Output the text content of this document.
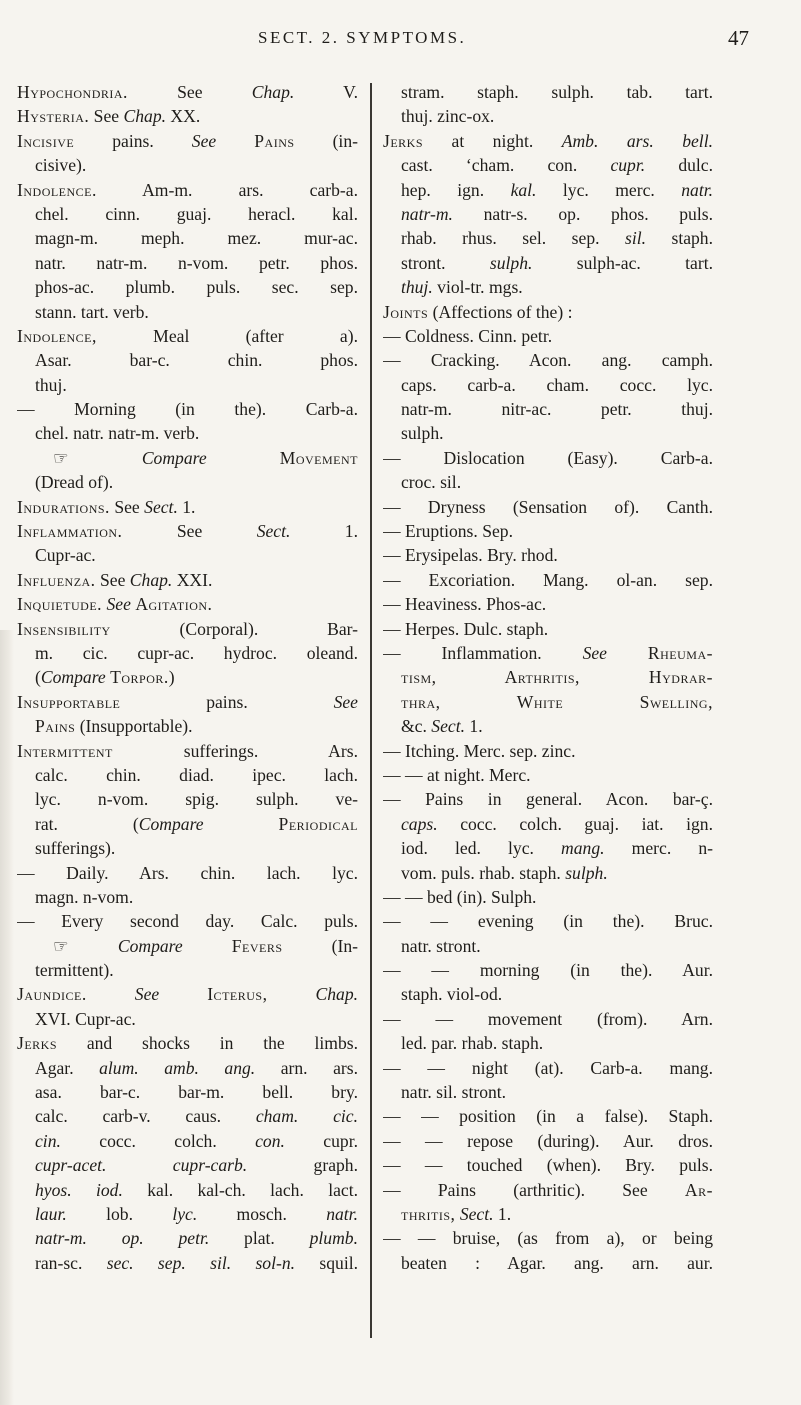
SECT. 2. SYMPTOMS.	47
Hypochondria. See Chap. V.
Hysteria. See Chap. XX.
Incisive pains. See Pains (in-
cisive).
Indolence. Am-m. ars. carb-a.
chel. cinn. guaj. heracl. kal.
magn-m. meph. mez. mur-ac.
natr. natr-m. n-vom. petr. phos.
phos-ac. plumb. puls. sec. sep.
stann. tart. verb.
Indolence, Meal (after a).
Asar. bar-c. chin. phos.
thuj.
— Morning (in the). Carb-a.
chel. natr. natr-m. verb.
☞ Compare	Movement
(Dread of).
Indurations. See Sect. 1.
Inflammation. See Sect. 1.
Cupr-ac.
Influenza. See Chap. XXI.
Inquietude. See Agitation.
Insensibility (Corporal). Bar-
m. cic. cupr-ac. hydroc. oleand.
(Compare Torpor.)
Insupportable pains. See
Pains (Insupportable).
Intermittent sufferings. Ars.
calc. chin. diad. ipec. lach.
lyc. n-vom. spig. sulph. ve-
rat. (Compare	Periodical
sufferings).
— Daily. Ars. chin. lach. lyc.
magn. n-vom.
— Every second day. Calc. puls.
☞ Compare	Fevers (In-
termittent).
Jaundice.	See	Icterus,	Chap.
XVI. Cupr-ac.
Jerks and shocks in the limbs.
Agar. alum. amb. ang. arn. ars.
asa. bar-c. bar-m. bell. bry.
calc. carb-v. caus. cham. cic.
cin. cocc. colch. con. cupr.
cupr-acet. cupr-carb. graph.
hyos. iod. kal. kal-ch. lach. lact.
laur. lob. lyc. mosch. natr.
natr-m. op. petr. plat. plumb.
ran-sc. sec. sep. sil. sol-n. squil.
stram. staph. sulph. tab. tart.
thuj. zinc-ox.
Jerks at night. Amb. ars. bell.
cast. ‘cham. con. cupr. dulc.
hep. ign. kal. lyc. merc. natr.
natr-m. natr-s. op. phos. puls.
rhab. rhus. sel. sep. sil. staph.
stront. sulph. sulph-ac. tart.
thuj. viol-tr. mgs.
Joints (Affections of the) :
— Coldness. Cinn. petr.
— Cracking. Acon. ang. camph.
caps. carb-a. cham. cocc. lyc.
natr-m. nitr-ac. petr. thuj.
sulph.
— Dislocation (Easy). Carb-a.
croc. sil.
— Dryness (Sensation of). Canth.
— Eruptions. Sep.
— Erysipelas. Bry. rhod.
— Excoriation. Mang. ol-an. sep.
— Heaviness. Phos-ac.
— Herpes. Dulc. staph.
— Inflammation. See Rheuma-
tism, Arthritis, Hydrar-
thra, White Swelling,
&c. Sect. 1.
— Itching. Merc. sep. zinc.
— — at night. Merc.
— Pains in general. Acon. bar-ç.
caps. cocc. colch. guaj. iat. ign.
iod. led. lyc. mang. merc. n-
vom. puls. rhab. staph. sulph.
— — bed (in). Sulph.
— — evening (in the). Bruc.
natr. stront.
— — morning (in the). Aur.
staph. viol-od.
— — movement (from). Arn.
led. par. rhab. staph.
— — night (at). Carb-a. mang.
natr. sil. stront.
— — position (in a false). Staph.
— — repose (during). Aur. dros.
— — touched (when). Bry. puls.
— Pains (arthritic). See Ar-
thritis, Sect. 1.
— — bruise, (as from a), or being
beaten : Agar. ang. arn. aur.
